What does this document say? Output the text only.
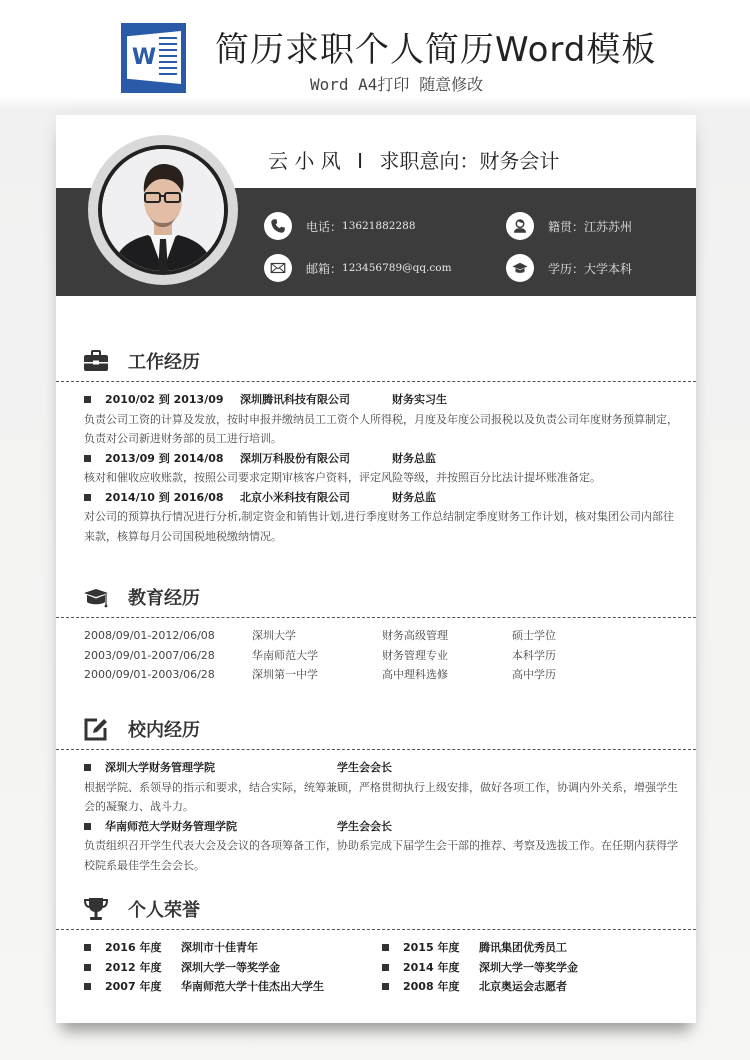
W 简历求职个人简历Word模板
Word A4打印 随意修改
云 小 风 I 求职意向：财务会计
电话： 13621882288
邮箱： 123456789@qq.com
籍贯： 江苏苏州
学历： 大学本科
工作经历
2010/02 到 2013/09	深圳腾讯科技有限公司	财务实习生
负责公司工资的计算及发放，按时申报并缴纳员工工资个人所得税，月度及年度公司报税以及负责公司年度财务预算制定，负责对公司新进财务部的员工进行培训。
2013/09 到 2014/08	深圳万科股份有限公司	财务总监
核对和催收应收账款，按照公司要求定期审核客户资料，评定风险等级，并按照百分比法计提坏账准备定。
2014/10 到 2016/08	北京小米科技有限公司	财务总监
对公司的预算执行情况进行分析,制定资金和销售计划,进行季度财务工作总结制定季度财务工作计划，核对集团公司内部往来款，核算每月公司国税地税缴纳情况。
教育经历
2008/09/01-2012/06/08	深圳大学	财务高级管理	硕士学位
2003/09/01-2007/06/28	华南师范大学	财务管理专业	本科学历
2000/09/01-2003/06/28	深圳第一中学	高中理科选修	高中学历
校内经历
深圳大学财务管理学院	学生会会长
根据学院、系领导的指示和要求，结合实际，统筹兼顾，严格贯彻执行上级安排，做好各项工作，协调内外关系，增强学生会的凝聚力、战斗力。
华南师范大学财务管理学院	学生会会长
负责组织召开学生代表大会及会议的各项筹备工作，协助系完成下届学生会干部的推荐、考察及选拔工作。在任期内获得学校院系最佳学生会会长。
个人荣誉
2016 年度	深圳市十佳青年
2012 年度	深圳大学一等奖学金
2007 年度	华南师范大学十佳杰出大学生
2015 年度	腾讯集团优秀员工
2014 年度	深圳大学一等奖学金
2008 年度	北京奥运会志愿者
